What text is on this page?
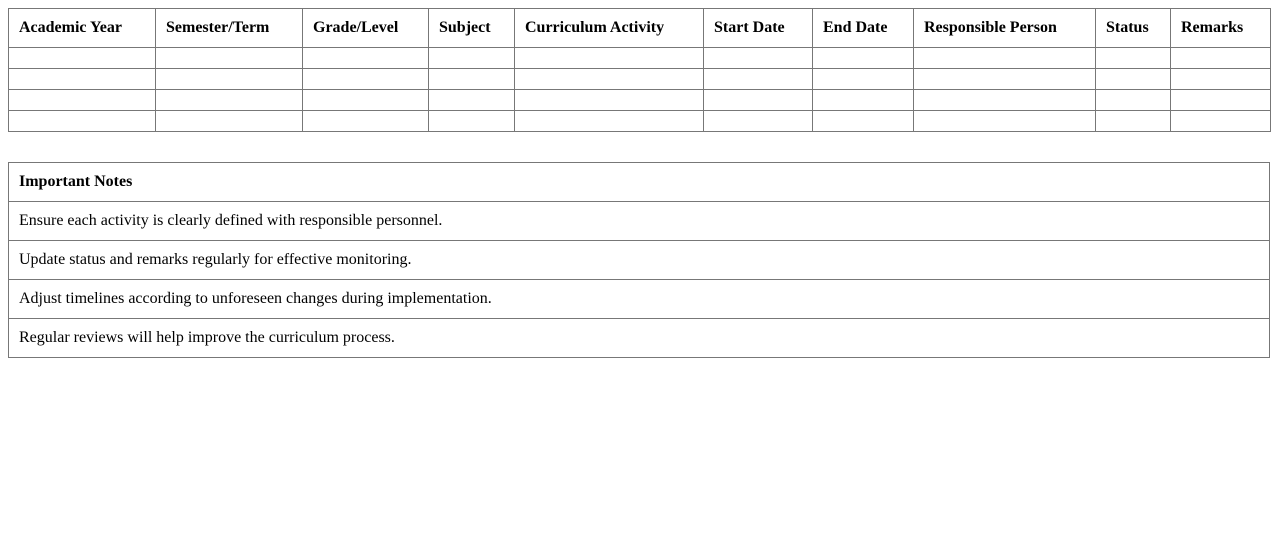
Academic Year	Semester/Term	Grade/Level	Subject	Curriculum Activity	Start Date	End Date	Responsible Person	Status	Remarks

Important Notes
Ensure each activity is clearly defined with responsible personnel.
Update status and remarks regularly for effective monitoring.
Adjust timelines according to unforeseen changes during implementation.
Regular reviews will help improve the curriculum process.
